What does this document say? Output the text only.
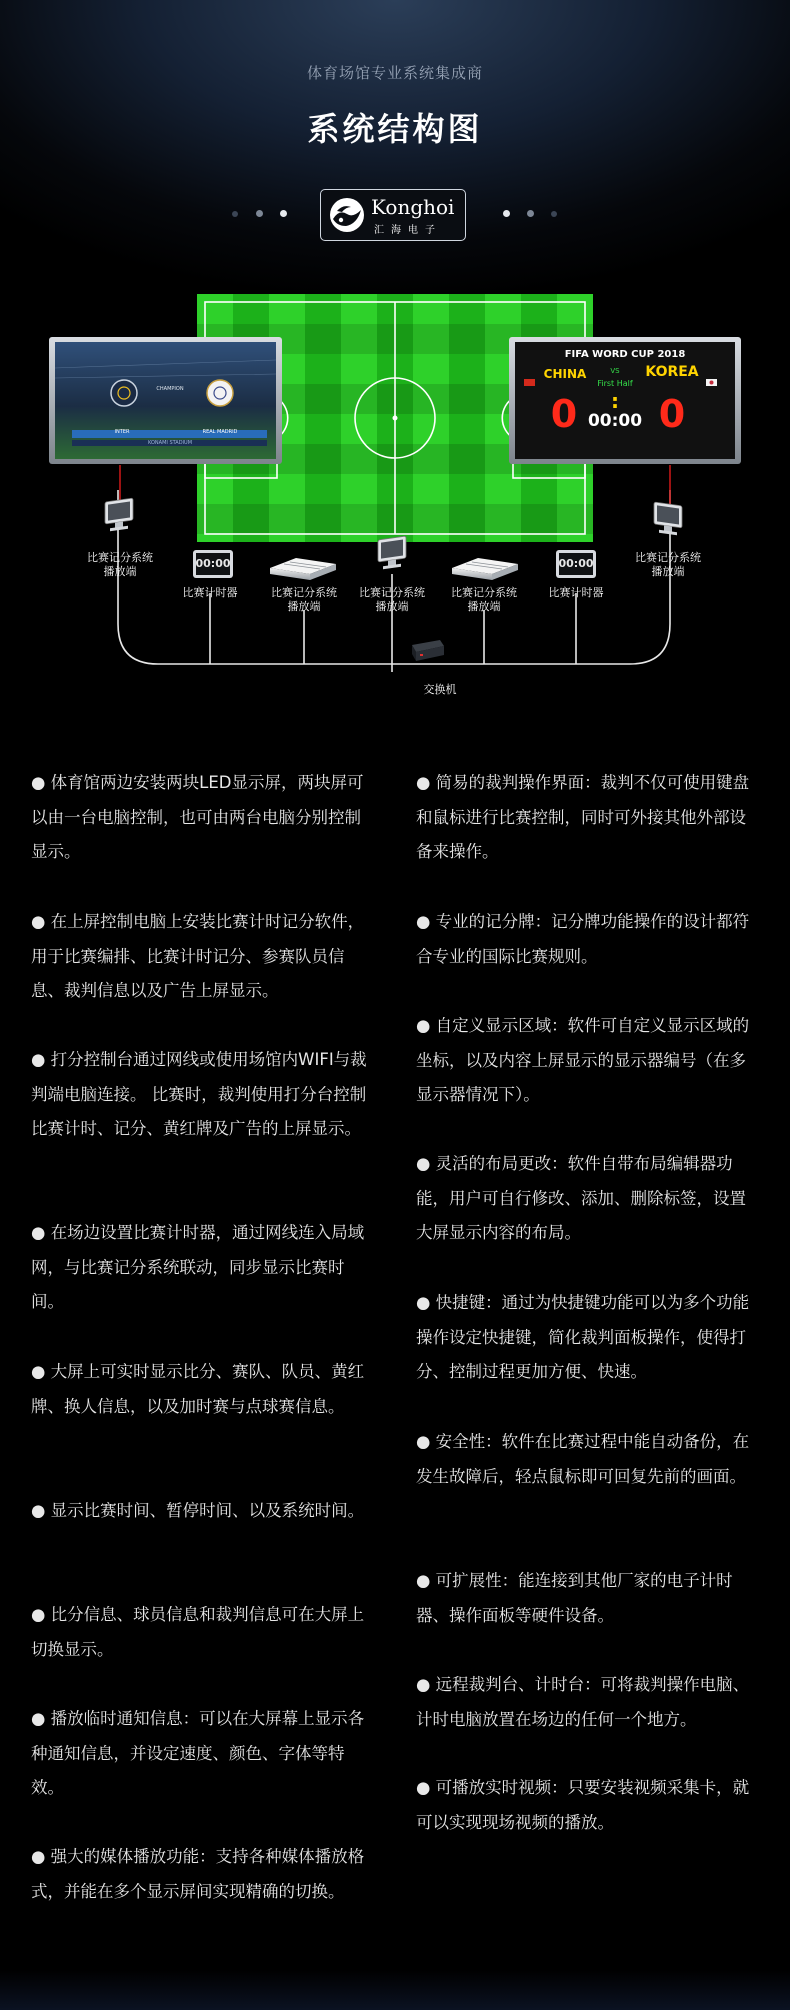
体育场馆专业系统集成商
系统结构图
Konghoi
汇海电子
CHAMPION
INTER	REAL MADRID
KONAMI STADIUM
FIFA WORD CUP 2018
CHINA	VS
First Half
KOREA
0	:
00:00 0
00:00	00:00
比赛记分系统
播放端
比赛记分系统
播放端
比赛计时器	比赛计时器
比赛记分系统
播放端
比赛记分系统
播放端
比赛记分系统
播放端
交换机

● 体育馆两边安装两块LED显示屏，两块屏可以由一台电脑控制，也可由两台电脑分别控制显示。

● 在上屏控制电脑上安装比赛计时记分软件，用于比赛编排、比赛计时记分、参赛队员信息、裁判信息以及广告上屏显示。

● 打分控制台通过网线或使用场馆内WIFI与裁判端电脑连接。 比赛时，裁判使用打分台控制比赛计时、记分、黄红牌及广告的上屏显示。

● 在场边设置比赛计时器，通过网线连入局域网，与比赛记分系统联动，同步显示比赛时间。

● 大屏上可实时显示比分、赛队、队员、黄红牌、换人信息，以及加时赛与点球赛信息。

● 显示比赛时间、暂停时间、以及系统时间。

● 比分信息、球员信息和裁判信息可在大屏上切换显示。

● 播放临时通知信息：可以在大屏幕上显示各种通知信息，并设定速度、颜色、字体等特效。

● 强大的媒体播放功能：支持各种媒体播放格式，并能在多个显示屏间实现精确的切换。

● 简易的裁判操作界面：裁判不仅可使用键盘和鼠标进行比赛控制，同时可外接其他外部设备来操作。

● 专业的记分牌：记分牌功能操作的设计都符合专业的国际比赛规则。

● 自定义显示区域：软件可自定义显示区域的坐标，以及内容上屏显示的显示器编号（在多显示器情况下）。

● 灵活的布局更改：软件自带布局编辑器功能，用户可自行修改、添加、删除标签，设置大屏显示内容的布局。

● 快捷键：通过为快捷键功能可以为多个功能操作设定快捷键，简化裁判面板操作，使得打分、控制过程更加方便、快速。

● 安全性：软件在比赛过程中能自动备份，在发生故障后，轻点鼠标即可回复先前的画面。

● 可扩展性：能连接到其他厂家的电子计时器、操作面板等硬件设备。

● 远程裁判台、计时台：可将裁判操作电脑、计时电脑放置在场边的任何一个地方。

● 可播放实时视频：只要安装视频采集卡，就可以实现现场视频的播放。
